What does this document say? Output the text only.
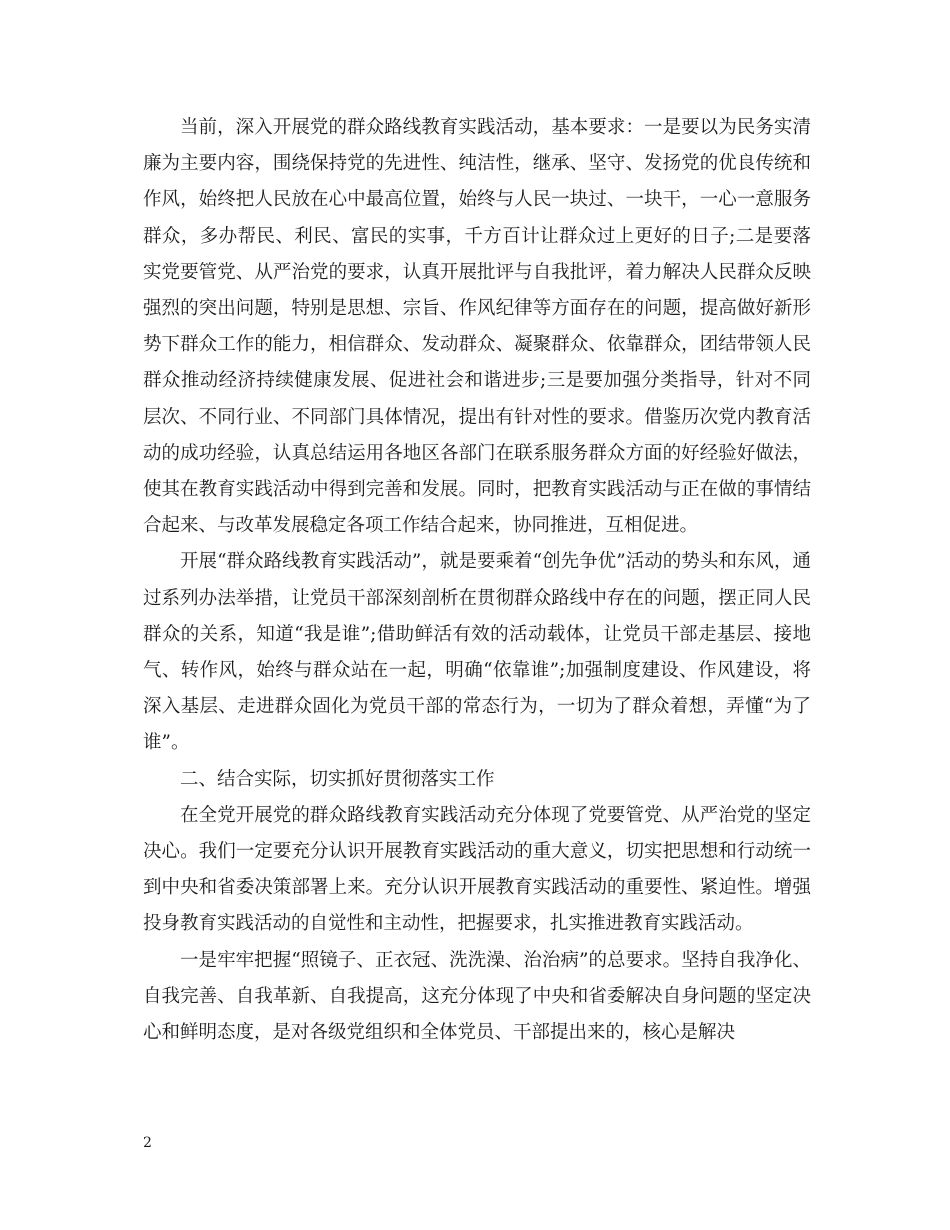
当前，深入开展党的群众路线教育实践活动，基本要求：一是要以为民务实清廉为主要内容，围绕保持党的先进性、纯洁性，继承、坚守、发扬党的优良传统和作风，始终把人民放在心中最高位置，始终与人民一块过、一块干，一心一意服务群众，多办帮民、利民、富民的实事，千方百计让群众过上更好的日子;二是要落实党要管党、从严治党的要求，认真开展批评与自我批评，着力解决人民群众反映强烈的突出问题，特别是思想、宗旨、作风纪律等方面存在的问题，提高做好新形势下群众工作的能力，相信群众、发动群众、凝聚群众、依靠群众，团结带领人民群众推动经济持续健康发展、促进社会和谐进步;三是要加强分类指导，针对不同层次、不同行业、不同部门具体情况，提出有针对性的要求。借鉴历次党内教育活动的成功经验，认真总结运用各地区各部门在联系服务群众方面的好经验好做法，使其在教育实践活动中得到完善和发展。同时，把教育实践活动与正在做的事情结合起来、与改革发展稳定各项工作结合起来，协同推进，互相促进。

开展“群众路线教育实践活动”，就是要乘着“创先争优”活动的势头和东风，通过系列办法举措，让党员干部深刻剖析在贯彻群众路线中存在的问题，摆正同人民群众的关系，知道“我是谁”;借助鲜活有效的活动载体，让党员干部走基层、接地气、转作风，始终与群众站在一起，明确“依靠谁”;加强制度建设、作风建设，将深入基层、走进群众固化为党员干部的常态行为，一切为了群众着想，弄懂“为了谁”。

二、结合实际，切实抓好贯彻落实工作

在全党开展党的群众路线教育实践活动充分体现了党要管党、从严治党的坚定决心。我们一定要充分认识开展教育实践活动的重大意义，切实把思想和行动统一到中央和省委决策部署上来。充分认识开展教育实践活动的重要性、紧迫性。增强投身教育实践活动的自觉性和主动性，把握要求，扎实推进教育实践活动。

一是牢牢把握“照镜子、正衣冠、洗洗澡、治治病”的总要求。坚持自我净化、自我完善、自我革新、自我提高，这充分体现了中央和省委解决自身问题的坚定决心和鲜明态度，是对各级党组织和全体党员、干部提出来的，核心是解决

2
